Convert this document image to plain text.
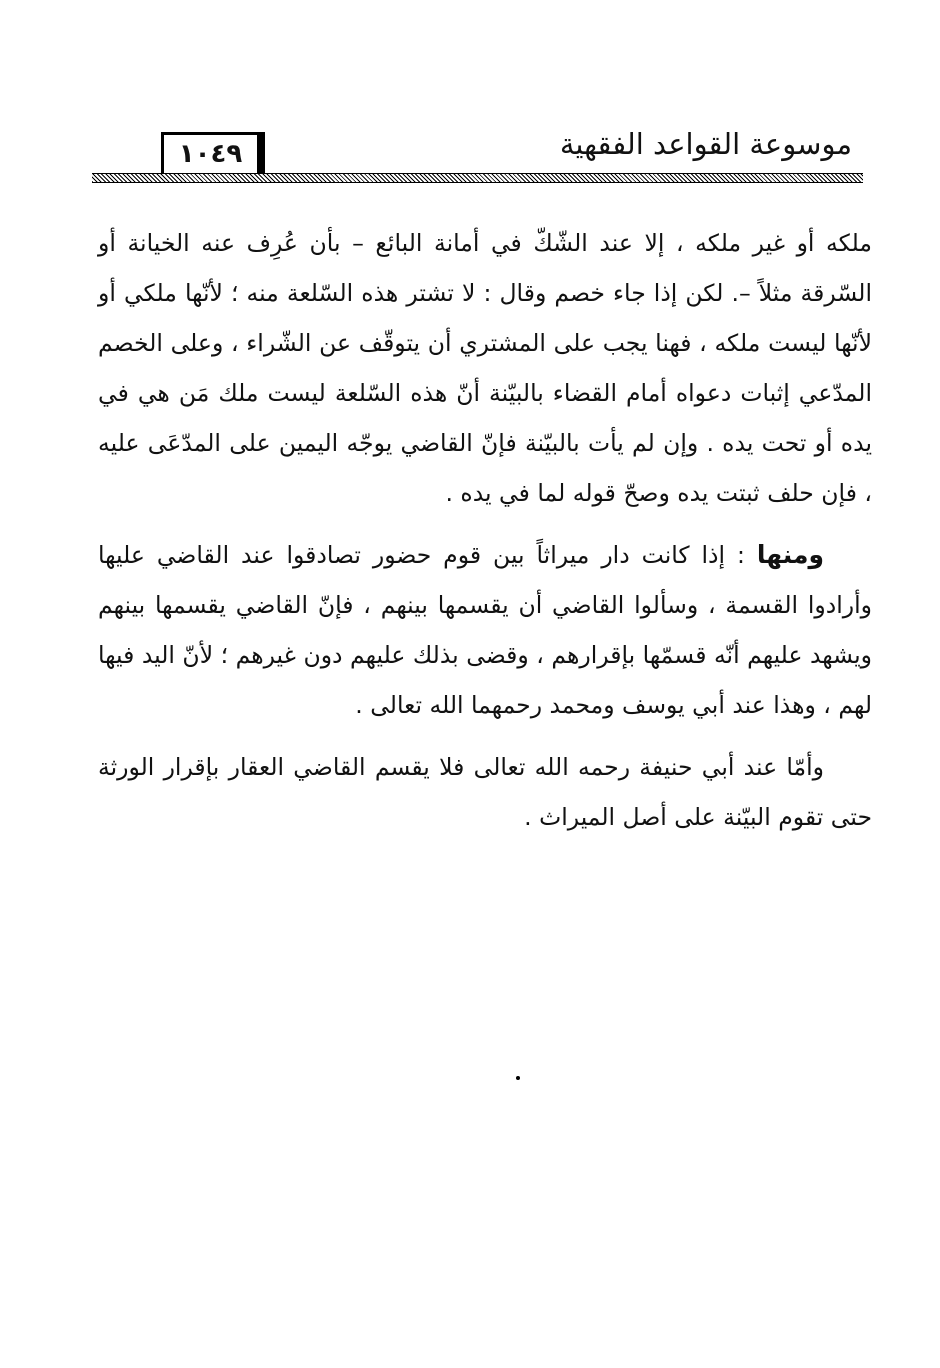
موسوعة القواعد الفقهية
١٠٤٩

ملكه أو غير ملكه ، إلا عند الشّكّ في أمانة البائع – بأن عُرِف عنه الخيانة أو السّرقة مثلاً –. لكن إذا جاء خصم وقال : لا تشتر هذه السّلعة منه ؛ لأنّها ملكي أو لأنّها ليست ملكه ، فهنا يجب على المشتري أن يتوقّف عن الشّراء ، وعلى الخصم المدّعي إثبات دعواه أمام القضاء بالبيّنة أنّ هذه السّلعة ليست ملك مَن هي في يده أو تحت يده . وإن لم يأت بالبيّنة فإنّ القاضي يوجّه اليمين على المدّعَى عليه ، فإن حلف ثبتت يده وصحّ قوله لما في يده .

ومنها : إذا كانت دار ميراثاً بين قوم حضور تصادقوا عند القاضي عليها وأرادوا القسمة ، وسألوا القاضي أن يقسمها بينهم ، فإنّ القاضي يقسمها بينهم ويشهد عليهم أنّه قسمّها بإقرارهم ، وقضى بذلك عليهم دون غيرهم ؛ لأنّ اليد فيها لهم ، وهذا عند أبي يوسف ومحمد رحمهما الله تعالى .

وأمّا عند أبي حنيفة رحمه الله تعالى فلا يقسم القاضي العقار بإقرار الورثة حتى تقوم البيّنة على أصل الميراث .
